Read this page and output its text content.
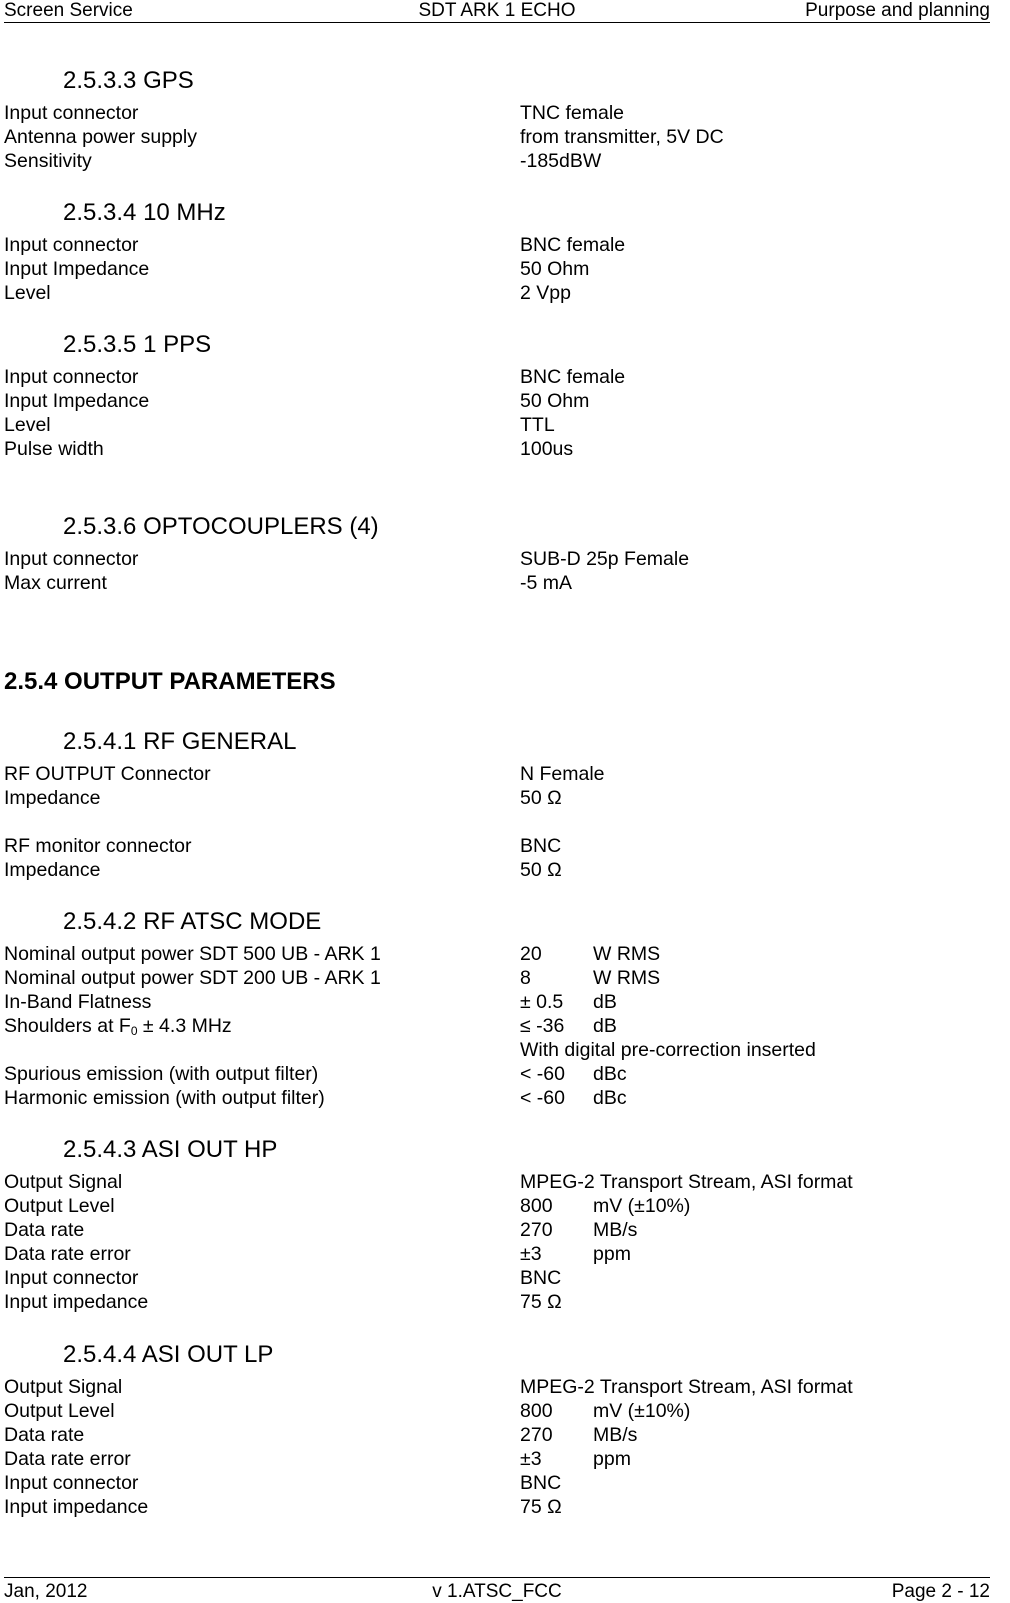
Screen Service	SDT ARK 1 ECHO	Purpose and planning
2.5.3.3 GPS
Input connector	TNC female
Antenna power supply	from transmitter, 5V DC
Sensitivity	-185dBW
2.5.3.4 10 MHz
Input connector	BNC female
Input Impedance	50 Ohm
Level	2 Vpp
2.5.3.5 1 PPS
Input connector	BNC female
Input Impedance	50 Ohm
Level	TTL
Pulse width	100us
2.5.3.6 OPTOCOUPLERS (4)
Input connector	SUB-D 25p Female
Max current	-5 mA
2.5.4 OUTPUT PARAMETERS
2.5.4.1 RF GENERAL
RF OUTPUT Connector	N Female
Impedance	50 Ω
RF monitor connector	BNC
Impedance	50 Ω
2.5.4.2 RF ATSC MODE
Nominal output power SDT 500 UB - ARK 1	20	W RMS
Nominal output power SDT 200 UB - ARK 1	8	W RMS
In-Band Flatness	± 0.5 dB
Shoulders at $F_0 \pm 4.3$ MHz	≤ -36 dB
With digital pre-correction inserted
Spurious emission (with output filter)	< -60 dBc
Harmonic emission (with output filter)	< -60 dBc
2.5.4.3 ASI OUT HP
Output Signal	MPEG-2 Transport Stream, ASI format
Output Level	800 mV (±10%)
Data rate	270 MB/s
Data rate error	±3	ppm
Input connector	BNC
Input impedance	75 Ω
2.5.4.4 ASI OUT LP
Output Signal	MPEG-2 Transport Stream, ASI format
Output Level	800 mV (±10%)
Data rate	270 MB/s
Data rate error	±3	ppm
Input connector	BNC
Input impedance	75 Ω
Jan, 2012	v 1.ATSC_FCC	Page 2 - 12
